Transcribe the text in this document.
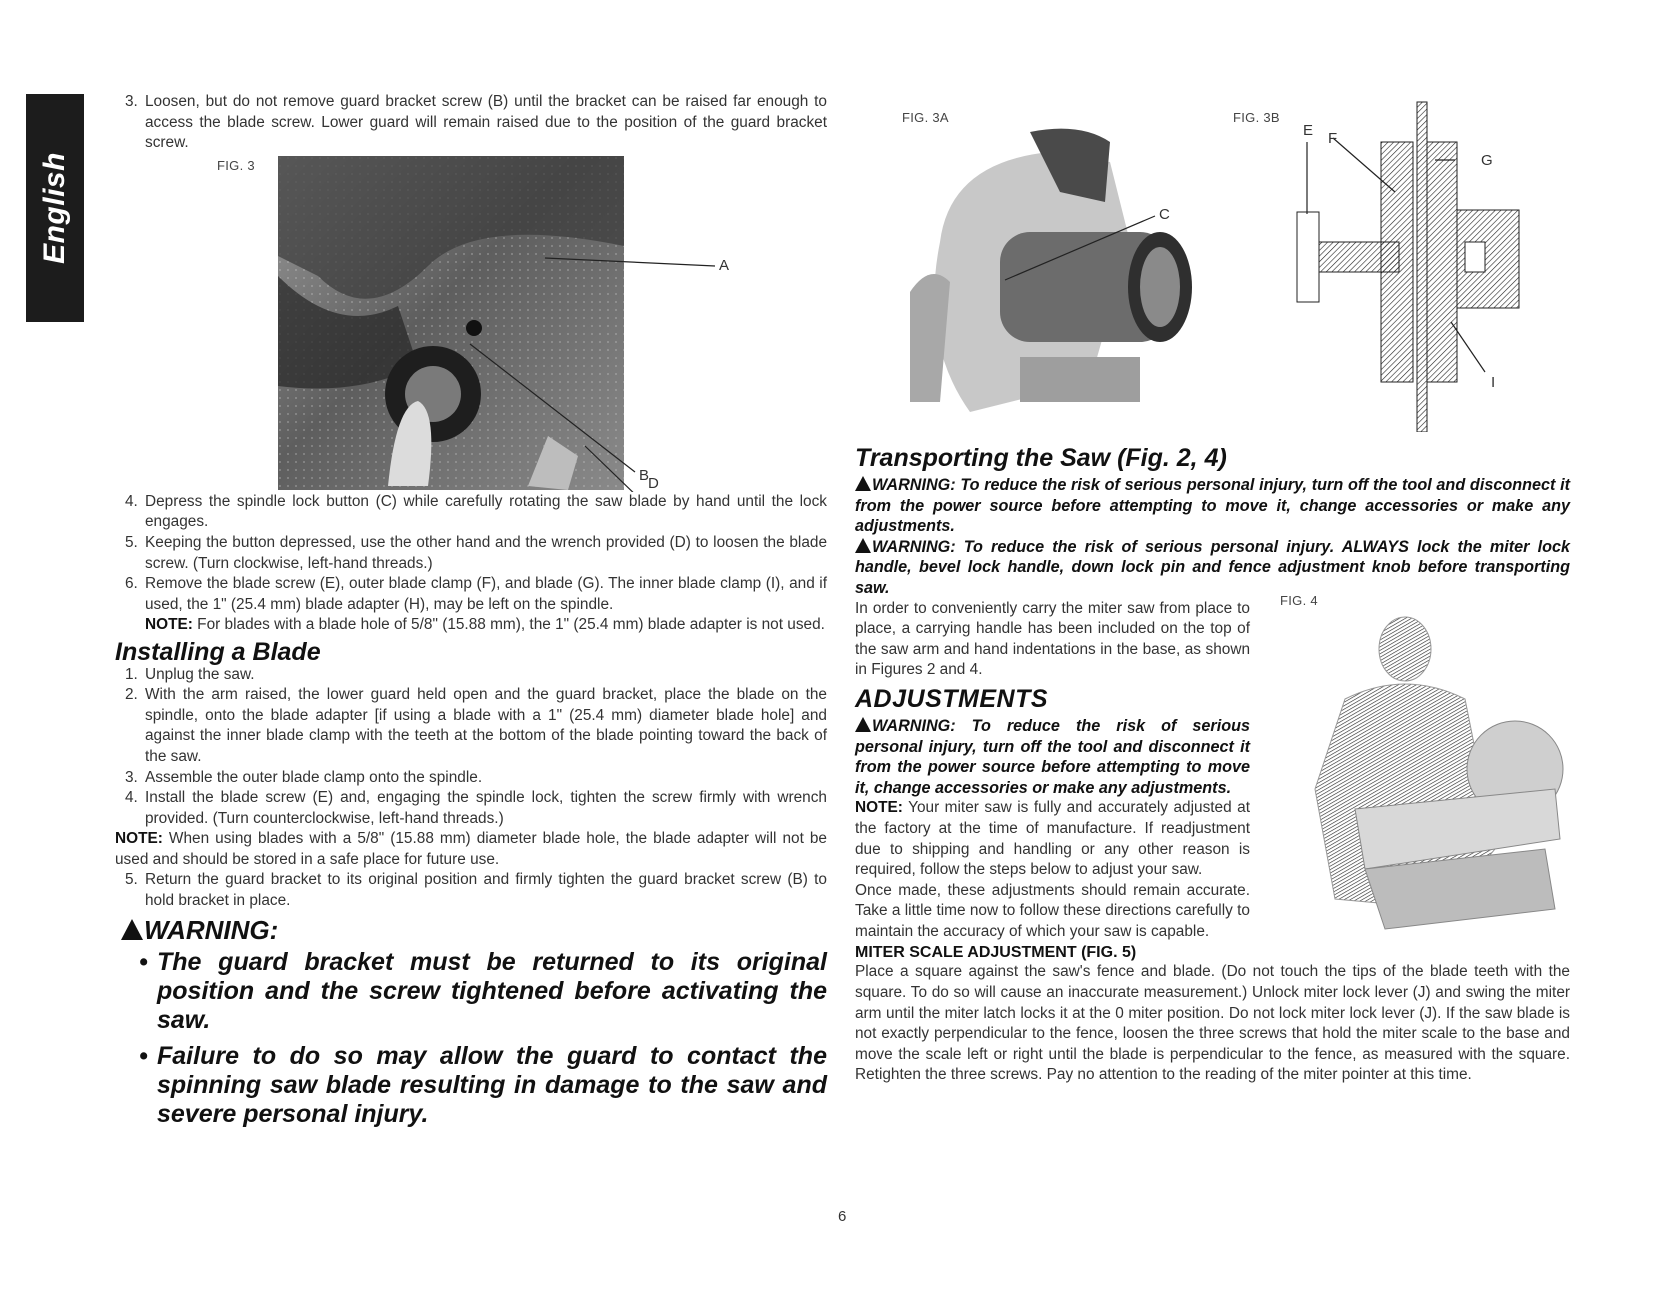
English
3. Loosen, but do not remove guard bracket screw (B) until the bracket can be raised far enough to access the blade screw. Lower guard will remain raised due to the position of the guard bracket screw.
FIG. 3
A
B
D
4. Depress the spindle lock button (C) while carefully rotating the saw blade by hand until the lock engages.
5. Keeping the button depressed, use the other hand and the wrench provided (D) to loosen the blade screw. (Turn clockwise, left-hand threads.)
6. Remove the blade screw (E), outer blade clamp (F), and blade (G). The inner blade clamp (I), and if used, the 1" (25.4 mm) blade adapter (H), may be left on the spindle.
NOTE: For blades with a blade hole of 5/8" (15.88 mm), the 1" (25.4 mm) blade adapter is not used.
Installing a Blade
1. Unplug the saw.
2. With the arm raised, the lower guard held open and the guard bracket, place the blade on the spindle, onto the blade adapter [if using a blade with a 1" (25.4 mm) diameter blade hole] and against the inner blade clamp with the teeth at the bottom of the blade pointing toward the back of the saw.
3. Assemble the outer blade clamp onto the spindle.
4. Install the blade screw (E) and, engaging the spindle lock, tighten the screw firmly with wrench provided. (Turn counterclockwise, left-hand threads.)
NOTE: When using blades with a 5/8" (15.88 mm) diameter blade hole, the blade adapter will not be used and should be stored in a safe place for future use.
5. Return the guard bracket to its original position and firmly tighten the guard bracket screw (B) to hold bracket in place.
WARNING:
• The guard bracket must be returned to its original position and the screw tightened before activating the saw.
• Failure to do so may allow the guard to contact the spinning saw blade resulting in damage to the saw and severe personal injury.
FIG. 3A
C
FIG. 3B
E F
G
H
I
Transporting the Saw (Fig. 2, 4)
WARNING: To reduce the risk of serious personal injury, turn off the tool and disconnect it from the power source before attempting to move it, change accessories or make any adjustments.
WARNING: To reduce the risk of serious personal injury. ALWAYS lock the miter lock handle, bevel lock handle, down lock pin and fence adjustment knob before transporting saw.
In order to conveniently carry the miter saw from place to place, a carrying handle has been included on the top of the saw arm and hand indentations in the base, as shown in Figures 2 and 4.
ADJUSTMENTS
WARNING: To reduce the risk of serious personal injury, turn off the tool and disconnect it from the power source before attempting to move it, change accessories or make any adjustments.
NOTE: Your miter saw is fully and accurately adjusted at the factory at the time of manufacture. If readjustment due to shipping and handling or any other reason is required, follow the steps below to adjust your saw.
Once made, these adjustments should remain accurate. Take a little time now to follow these directions carefully to maintain the accuracy of which your saw is capable.
FIG. 4
MITER SCALE ADJUSTMENT (FIG. 5)
Place a square against the saw's fence and blade. (Do not touch the tips of the blade teeth with the square. To do so will cause an inaccurate measurement.) Unlock miter lock lever (J) and swing the miter arm until the miter latch locks it at the 0 miter position. Do not lock miter lock lever (J). If the saw blade is not exactly perpendicular to the fence, loosen the three screws that hold the miter scale to the base and move the scale left or right until the blade is perpendicular to the fence, as measured with the square. Retighten the three screws. Pay no attention to the reading of the miter pointer at this time.
6
